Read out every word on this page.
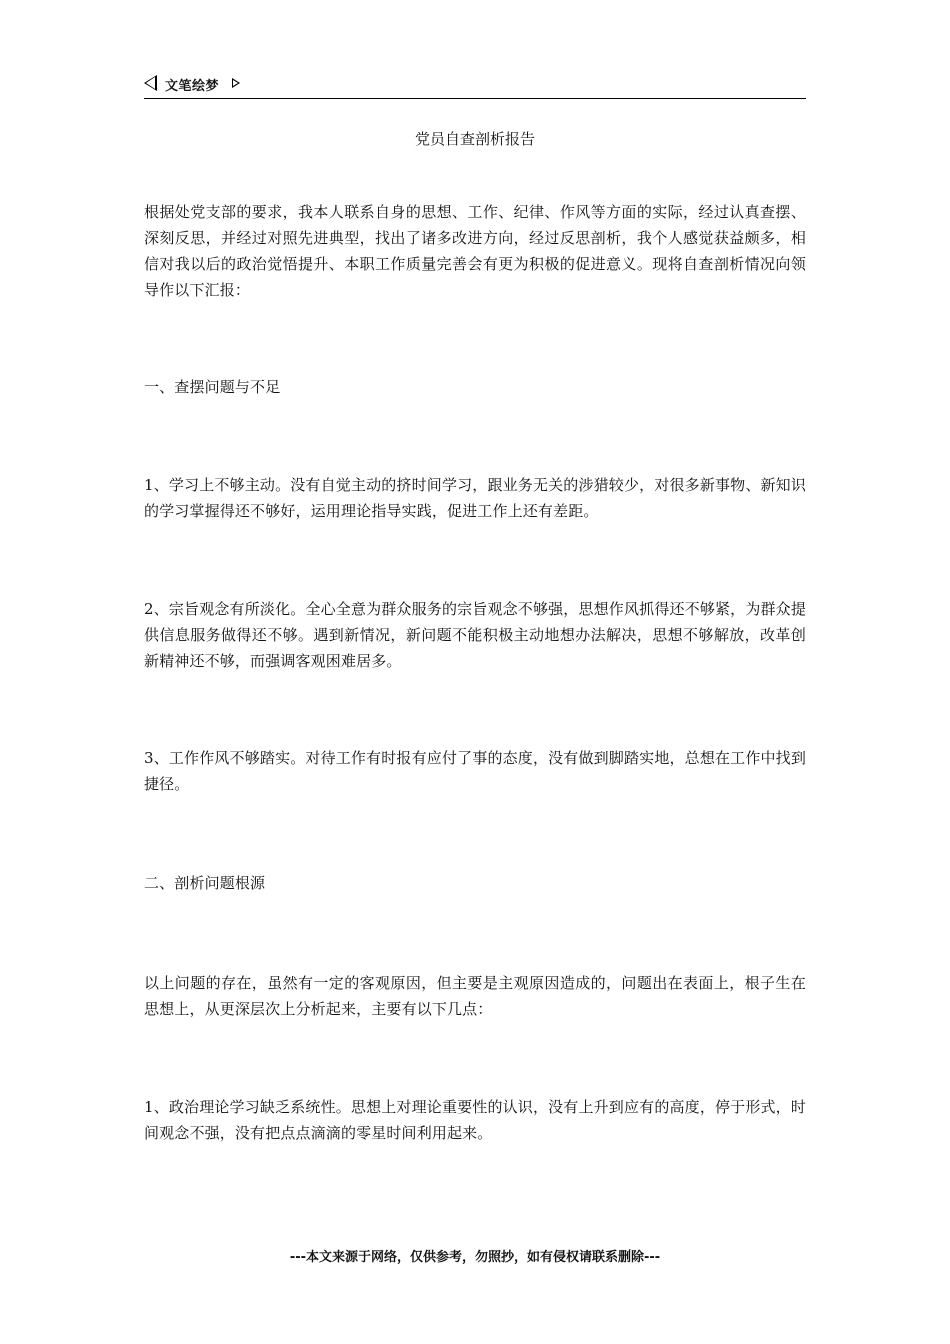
文笔绘梦
党员自查剖析报告

根据处党支部的要求，我本人联系自身的思想、工作、纪律、作风等方面的实际，经过认真查摆、深刻反思，并经过对照先进典型，找出了诸多改进方向，经过反思剖析，我个人感觉获益颇多，相信对我以后的政治觉悟提升、本职工作质量完善会有更为积极的促进意义。现将自查剖析情况向领导作以下汇报：

一、查摆问题与不足

1、学习上不够主动。没有自觉主动的挤时间学习，跟业务无关的涉猎较少，对很多新事物、新知识的学习掌握得还不够好，运用理论指导实践，促进工作上还有差距。

2、宗旨观念有所淡化。全心全意为群众服务的宗旨观念不够强，思想作风抓得还不够紧，为群众提供信息服务做得还不够。遇到新情况，新问题不能积极主动地想办法解决，思想不够解放，改革创新精神还不够，而强调客观困难居多。

3、工作作风不够踏实。对待工作有时报有应付了事的态度，没有做到脚踏实地，总想在工作中找到捷径。

二、剖析问题根源

以上问题的存在，虽然有一定的客观原因，但主要是主观原因造成的，问题出在表面上，根子生在思想上，从更深层次上分析起来，主要有以下几点：

1、政治理论学习缺乏系统性。思想上对理论重要性的认识，没有上升到应有的高度，停于形式，时间观念不强，没有把点点滴滴的零星时间利用起来。

---本文来源于网络，仅供参考，勿照抄，如有侵权请联系删除---
